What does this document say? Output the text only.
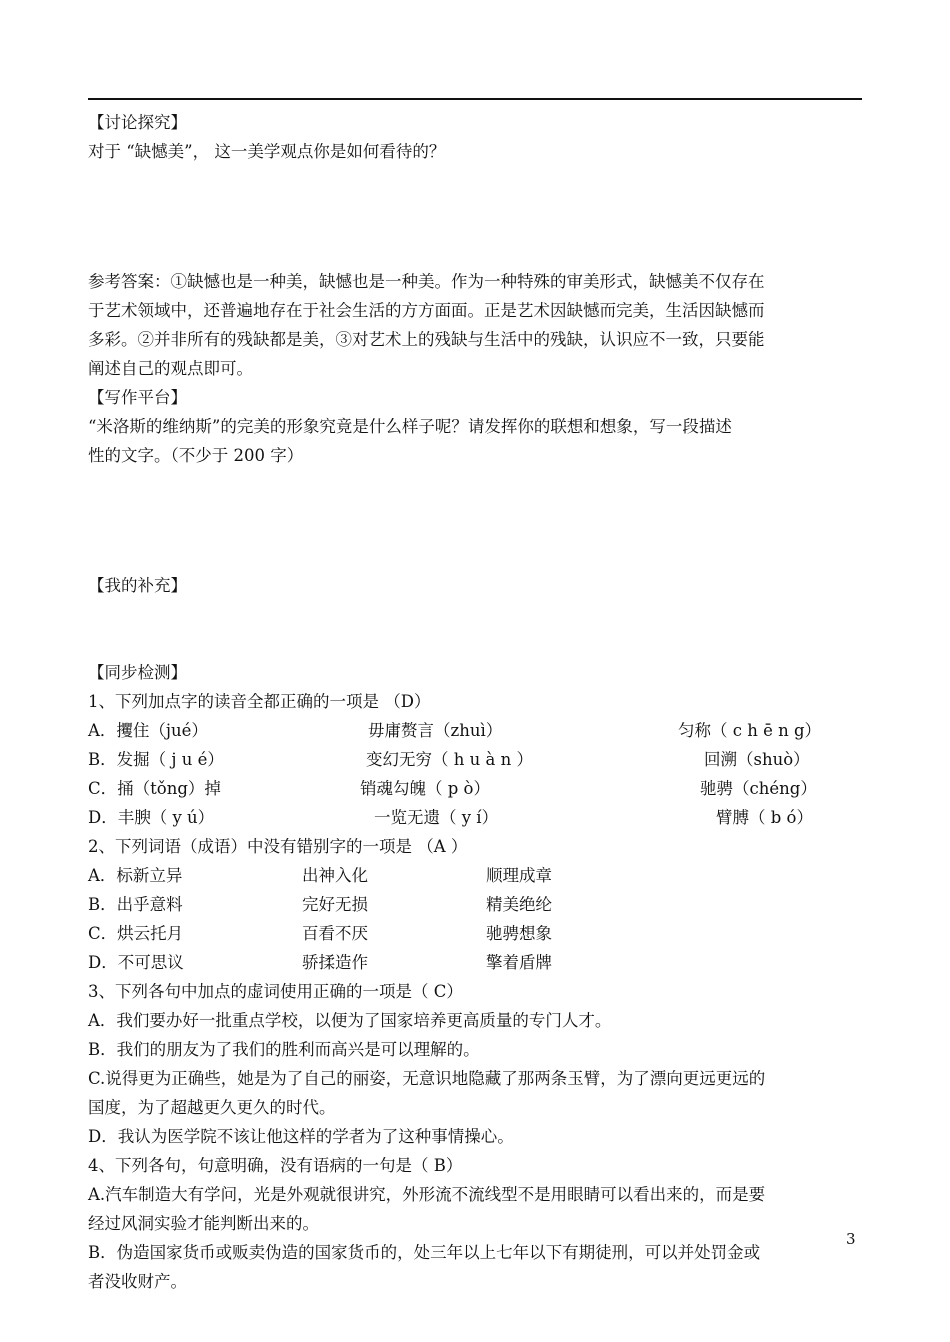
【讨论探究】
对于 “缺憾美”， 这一美学观点你是如何看待的？
参考答案：①缺憾也是一种美，缺憾也是一种美。作为一种特殊的审美形式，缺憾美不仅存在
于艺术领域中，还普遍地存在于社会生活的方方面面。正是艺术因缺憾而完美，生活因缺憾而
多彩。②并非所有的残缺都是美，③对艺术上的残缺与生活中的残缺，认识应不一致，只要能
阐述自己的观点即可。
【写作平台】
“米洛斯的维纳斯”的完美的形象究竟是什么样子呢？请发挥你的联想和想象，写一段描述
性的文字。（不少于 200 字）
【我的补充】
【同步检测】
1、下列加点字的读音全都正确的一项是 （D）
A．攫住（jué）	毋庸赘言（zhuì）	匀称（ c h ē n g）
B．发掘（ j u é）	变幻无穷（ h u à n ）	回溯（shuò）
C．捅（tǒng）掉	销魂勾魄（ p ò）	驰骋（chéng）
D．丰腴（ y ú）	一览无遗（ y í）	臂膊（ b ó）
2、下列词语（成语）中没有错别字的一项是 （A ）
A．标新立异	出神入化	顺理成章
B．出乎意料	完好无损	精美绝纶
C．烘云托月	百看不厌	驰骋想象
D．不可思议	骄揉造作	擎着盾牌
3、下列各句中加点的虚词使用正确的一项是（ C）
A．我们要办好一批重点学校，以便为了国家培养更高质量的专门人才。
B．我们的朋友为了我们的胜利而高兴是可以理解的。
C.说得更为正确些，她是为了自己的丽姿，无意识地隐藏了那两条玉臂，为了漂向更远更远的
国度，为了超越更久更久的时代。
D．我认为医学院不该让他这样的学者为了这种事情操心。
4、下列各句，句意明确，没有语病的一句是（ B）
A.汽车制造大有学问，光是外观就很讲究，外形流不流线型不是用眼睛可以看出来的，而是要
经过风洞实验才能判断出来的。
B．伪造国家货币或贩卖伪造的国家货币的，处三年以上七年以下有期徒刑，可以并处罚金或
者没收财产。
3
